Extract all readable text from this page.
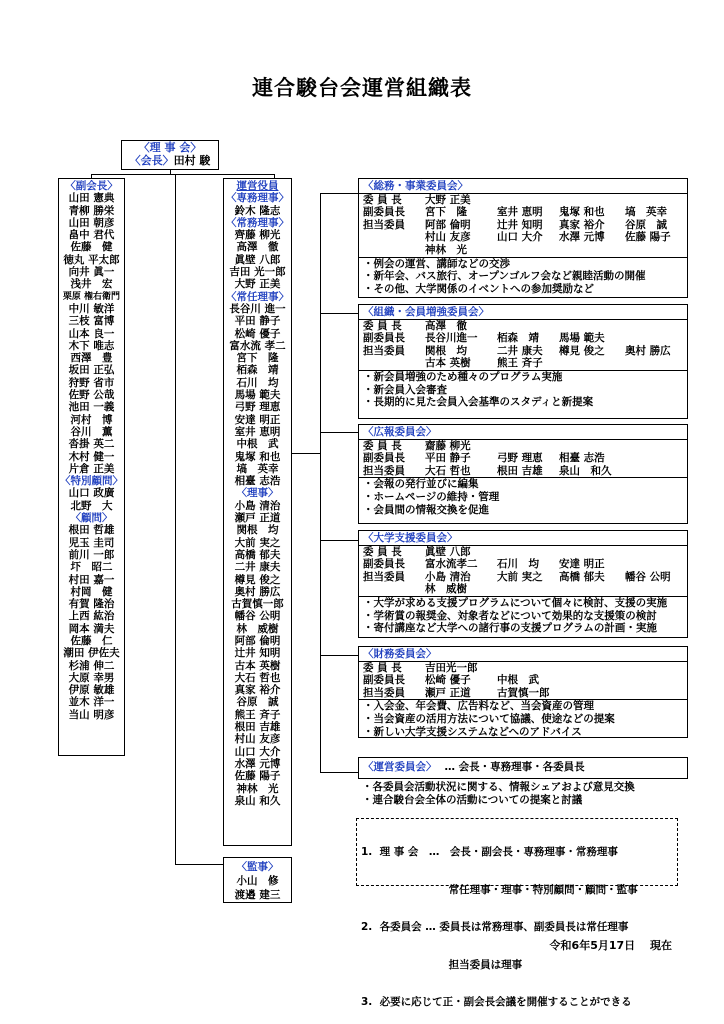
連合駿台会運営組織表
〈理 事 会〉
〈会長〉田村 駿
〈副会長〉
山田 憲典
青柳 勝栄
山田 朝彦
畠中 君代
佐藤　健
徳丸 平太郎
向井 眞一
浅井　宏
栗原 権右衛門
中川 敏洋
三枝 富博
山本 良一
木下 唯志
西澤　豊
坂田 正弘
狩野 省市
佐野 公哉
池田 一義
河村　博
谷川　薫
沓掛 英二
木村 健一
片倉 正美
〈特別顧問〉
山口 政廣
北野　大
〈顧問〉
根田 哲雄
児玉 圭司
前川 一郎
圷　昭二
村田 嘉一
村岡　健
有賀 隆治
上西 紘治
岡本 満夫
佐藤　仁
潮田 伊佐夫
杉浦 伸二
大原 幸男
伊原 敏雄
並木 洋一
当山 明彦
運営役員
〈専務理事〉
鈴木 隆志
〈常務理事〉
齊藤 柳光
高澤　徹
眞壁 八郎
吉田 光一郎
大野 正美
〈常任理事〉
長谷川 進一
平田 静子
松崎 優子
富水流 孝二
宮下　隆
栢森　靖
石川　均
馬場 範夫
弓野 理恵
安達 明正
室井 恵明
中根　武
鬼塚 和也
塙　英幸
相臺 志浩
〈理事〉
小島 清治
瀬戸 正道
関根　均
大前 実之
高橋 郁夫
二井 康夫
樽見 俊之
奥村 勝広
古賀慎一郎
幡谷 公明
林　威樹
阿部 倫明
辻井 知明
古本 英樹
大石 哲也
真家 裕介
谷原　誠
熊王 斉子
根田 吉雄
村山 友彦
山口 大介
水澤 元博
佐藤 陽子
神林　光
泉山 和久
〈監事〉
小山　修
渡邉 建三
〈総務・事業委員会〉
委 員 長 大野 正美
副委員長 宮下　隆	室井 恵明 鬼塚 和也 塙　英幸
担当委員 阿部 倫明	辻井 知明 真家 裕介 谷原　誠
村山 友彦	山口 大介 水澤 元博 佐藤 陽子
神林　光
・例会の運営、講師などの交渉
・新年会、バス旅行、オープンゴルフ会など親睦活動の開催
・その他、大学関係のイベントへの参加奨励など
〈組織・会員増強委員会〉
委 員 長 高澤　徹
副委員長 長谷川進一 栢森　靖 馬場 範夫
担当委員 関根　均	二井 康夫 樽見 俊之 奥村 勝広
古本 英樹	熊王 斉子
・新会員増強のため種々のプログラム実施
・新会員入会審査
・長期的に見た会員入会基準のスタディと新提案
〈広報委員会〉
委 員 長 齋藤 柳光
副委員長 平田 静子	弓野 理恵 相臺 志浩
担当委員 大石 哲也	根田 吉雄 泉山　和久
・会報の発行並びに編集
・ホームページの維持・管理
・会員間の情報交換を促進
〈大学支援委員会〉
委 員 長 眞壁 八郎
副委員長 富水流孝二 石川　均 安達 明正
担当委員 小島 清治	大前 実之 高橋 郁夫 幡谷 公明
林　威樹
・大学が求める支援プログラムについて個々に検討、支援の実施
・学術賞の報奨金、対象者などについて効果的な支援策の検討
・寄付講座など大学への諸行事の支援プログラムの計画・実施
〈財務委員会〉
委 員 長 吉田光一郎
副委員長 松崎 優子	中根　武
担当委員 瀬戸 正道	古賀慎一郎
・入会金、年会費、広告料など、当会資産の管理
・当会資産の活用方法について協議、使途などの提案
・新しい大学支援システムなどへのアドバイス
〈運営委員会〉 … 会長・専務理事・各委員長
・各委員会活動状況に関する、情報シェアおよび意見交換
・連合駿台会全体の活動についての提案と討議

1.  理 事 会　…　会長・副会長・専務理事・常務理事

　　　　　　　　 常任理事・理事・特別顧問・顧問・監事

2.  各委員会 … 委員長は常務理事、副委員長は常任理事

　　　　　　　　 担当委員は理事

3.  必要に応じて正・副会長会議を開催することができる

令和6年5月17日　 現在
